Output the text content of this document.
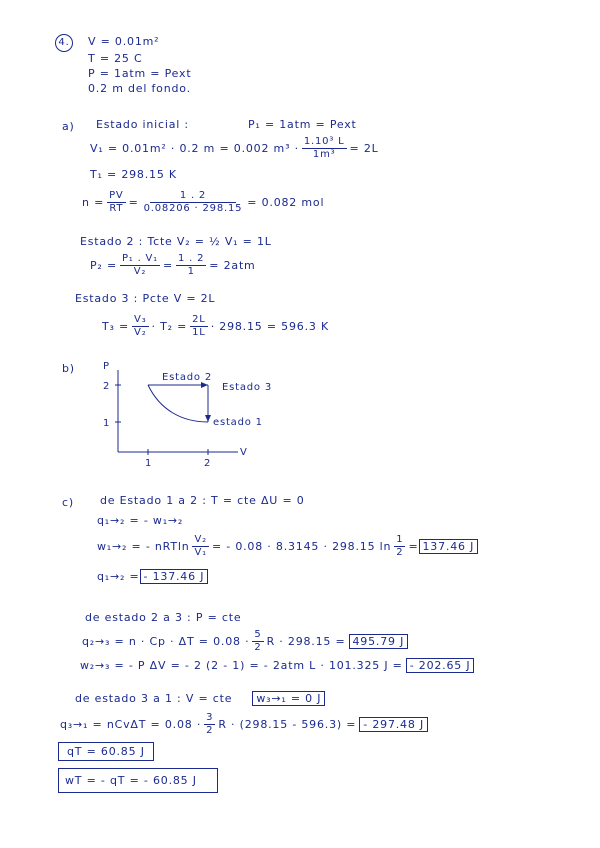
4.	V = 0.01m²
T = 25 C
P = 1atm = Pext
0.2 m del fondo.
a) Estado inicial :	P₁ = 1atm = Pext
V₁ = 0.01m² · 0.2 m = 0.002 $m^3 \cdot \frac{\text{1.10³ L}}{\text{1m³}} = 2L$
T₁ = 298.15 K
$n = \frac{PV}{RT} = \frac{1 . 2}{0.08206 \cdot 298.15} = 0.082$ mol
Estado 2 : Tcte V₂ = ½ V₁ = 1L
$P_2 = \frac{\text{P₁ . V₁}}{\text{V₂}} = \frac{1 . 2}{1} = 2atm$
Estado 3 : Pcte V = 2L
$T_3 = \frac{\text{V₃}}{\text{V₂}} \cdot T_2 = \frac{2L}{1L} \cdot 298.15 = 596.3$ K
b)	P
V
2
1
1	2
Estado 2
Estado 3
estado 1
c) de Estado 1 a 2 : T = cte ΔU = 0
q₁→₂ = - w₁→₂
w₁→₂ = - nRTln $\frac{\text{V₂}}{\text{V₁}}$ = - 0.08 · 8.3145 · 298.15 $\ln \frac{1}{2} = 137.46$ J
q₁→₂ = - 137.46 J
de estado 2 a 3 : P = cte
$q_2\to_3 = n \cdot Cp \cdot \Delta T = 0.08 \cdot \frac{5}{2}$ R · 298.15 = 495.79 J
w₂→₃ = - P ΔV = - 2 (2 - 1) = - 2atm L · 101.325 J = - 202.65 J
de estado 3 a 1 : V = cte	w₃→₁ = 0 J
$q_3\to_1 = nCv\Delta T = 0.08 \cdot \frac{3}{2}$ R · (298.15 - 596.3) = - 297.48 J
qT = 60.85 J
wT = - qT = - 60.85 J
